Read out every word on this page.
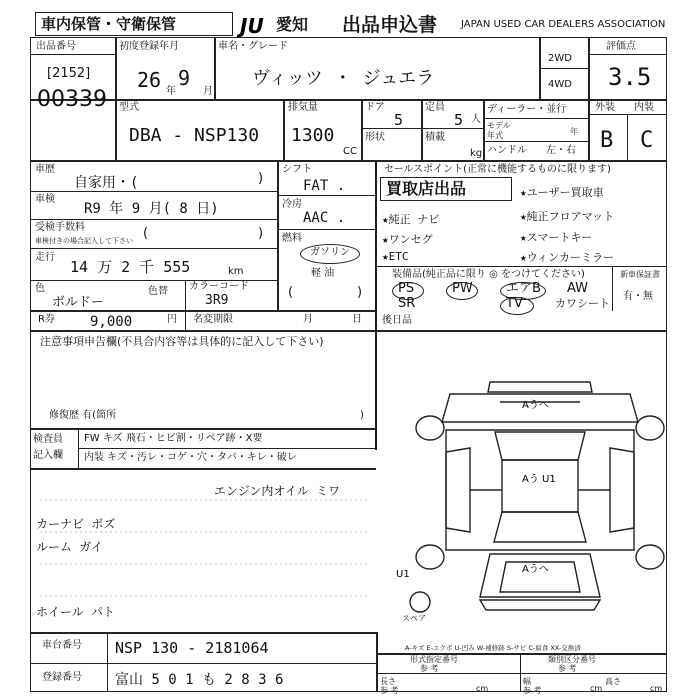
車内保管・守衛保管	JU 愛知 出品申込書 JAPAN USED CAR DEALERS ASSOCIATION
出品番号
[2152]
00339
初度登録年月
26 9
年	月
車名・グレード
ヴィッツ ・ ジュエラ
2WD
4WD
評価点
3.5
型式
DBA - NSP130
排気量
1300
CC
ドア
5
形状
定員
5 人
積載
kg
ディーラー・並行
モデル
年式	年
ハンドル 左・右
外装 内装
B C
車歴
自家用・(	)
車検
R9 年 9 月( 8 日)
受検手数料
車検付きの場合記入して下さい (	)
走行
14 万 2 千 555	km
色
ボルドー
色替 カラーコード
3R9
シフト
FAT .
冷房
AAC .
燃料
ガソリン
軽 油
(	)
セールスポイント(正常に機能するものに限ります)
買取店出品	★ユーザー買取車
★純正 ナビ	★純正フロアマット
★ワンセグ	★スマートキー
★ETC	★ウィンカーミラー
装備品(純正品に限り ◎ をつけてください)
PS	PW	エアB AW
SR	TV	カワシート
新車保証書
有・無
R券	9,000	円 名変期限	月	日 後日品
注意事項申告欄(不具合内容等は具体的に記入して下さい)
修復歴 有(箇所	)
検査員
記入欄
FW キズ 飛石・ヒビ割・リペア跡・X要
内装 キズ・汚レ・コゲ・穴・タバ・キレ・破レ
エンジン内オイル ミワ
カーナビ ボズ
ルーム ガイ
ホイール パト
Aうへ
Aう U1
Aうへ
U1
スペア
A-キズ E-エクボ U-凹み W-補修跡 S-サビ C-腐食 XX-交換済
車台番号 NSP 130 - 2181064
登録番号 富山 5 0 1 も 2 8 3 6
形式指定番号
参 考
類別区分番号
参 考
長さ
参 考	cm
幅
参 考	cm
高さ
cm
